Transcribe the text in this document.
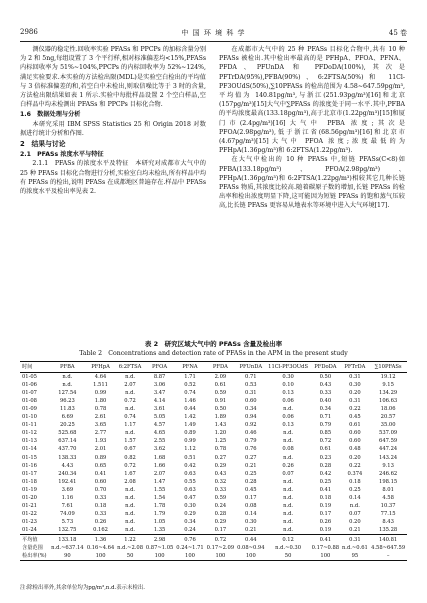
2986	中 国 环 境 科 学	45 卷

测仪器的稳定性.回收率实验 PFASs 和 PPCPs 的加标含量分别为 2 和 5ng,每组设置了 3 个平行样,相对标准偏差均<15%,PFASs 内标回收率为 51%~104%,PPCPs 的内标回收率为 52%~124%,满足实验要求.本实验的方法检出限(MDL)是实验空白检出的平均值与 3 倍标准偏差的和,若空白中未检出,则取信噪比等于 3 时的含量,方法检出限结果如表 1 所示.实验中每批样品设置 2 个空白样品,空白样品中均未检测出 PFASs 和 PPCPs 目标化合物.

1.6　数据处理与分析

本研究采用 IBM SPSS Statistics 25 和 Origin 2018 对数据进行统计分析和作图.

2　结果与讨论

2.1　PFASs 浓度水平与特征

2.1.1　PFASs 的浓度水平及特征　本研究对成都市大气中的 25 种 PFASs 目标化合物进行分析,实验室白均未检出,所有样品中均有 PFASs 的检出,说明 PFASs 在成都地区普遍存在.样品中 PFASs 的浓度水平及检出率见表 2.

在成都市大气中的 25 种 PFASs 目标化合物中,共有 10 种 PFASs 被检出.其中检出率最高的是 PFHpA、PFOA、PFNA、PFDA、PFUnDA 和 PFDoDA(100%),其次是 PFTrDA(95%),PFBA(90%)、6:2FTSA(50%)和 11Cl-PF3OUdS(50%),∑10PFASs 的检出范围为 4.58~647.59pg/m³,平均值为 140.81pg/m³,与浙江(251.93pg/m³)[16]和北京(157pg/m³)[15]大气中∑PFASs 的浓度处于同一水平.其中,PFBA 的平均浓度最高(133.18pg/m³),高于北京市(1.22pg/m³)[15]和厦门市(2.4pg/m³)[16]大气中 PFBA 浓度;其次是 PFOA(2.98pg/m³),低于浙江省(68.56pg/m³)[16]和北京市(4.67pg/m³)[15]大气中 PFOA 浓度;浓度最低的为 PFHpA(1.36pg/m³)和 6:2FTSA(1.22pg/m³).

在大气中检出的 10 种 PFASs 中,短链 PFASs(C<8)如 PFBA(133.18pg/m³)、PFOA(2.98pg/m³)、PFHpA(1.36pg/m³)和 6:2FTSA(1.22pg/m³)相较其它几种长链 PFASs 物质,其浓度比较高.随着碳原子数的增加,长链 PFASs 的检出率和检出浓度明显下降,这可能因为短链 PFASs 的饱和蒸气压较高,比长链 PFASs 更容易从地表水等环境中进入大气环境[17].

表 2　研究区域大气中的 PFASs 含量及检出率
Table 2　Concentrations and detection rate of PFASs in the APM in the present study
时间	PFBA	PFHpA	6:2FTSA	PFOA	PFNA	PFDA	PFUnDA	11Cl-PF3OUdS	PFDoDA	PFTrDA	∑10PFASs
01-05	n.d.	4.64	n.d.	8.87	1.71	2.09	0.71	0.30	0.50	0.31	19.12
01-06	n.d.	1.511	2.07	3.06	0.52	0.61	0.53	0.10	0.43	0.30	9.15
01-07	127.54	0.99	n.d.	3.47	0.74	0.59	0.31	0.13	0.33	0.20	134.29
01-08	96.23	1.80	0.72	4.14	1.46	0.91	0.60	0.06	0.40	0.31	106.63
01-09	11.83	0.78	n.d.	3.61	0.44	0.50	0.34	n.d.	0.34	0.22	18.06
01-10	6.69	2.61	0.74	5.05	1.42	1.89	0.94	0.06	0.71	0.45	20.57
01-11	20.25	3.65	1.17	4.57	1.49	1.43	0.92	0.13	0.79	0.61	35.00
01-12	525.68	2.77	n.d.	4.65	0.89	1.20	0.46	n.d.	0.85	0.60	537.09
01-13	637.14	1.93	1.57	2.55	0.99	1.25	0.79	n.d.	0.72	0.60	647.59
01-14	437.70	2.01	0.67	3.62	1.12	0.78	0.76	0.08	0.61	0.48	447.24
01-15	138.33	0.89	0.82	1.68	0.51	0.27	0.27	n.d.	0.23	0.20	143.24
01-16	4.43	0.65	0.72	1.66	0.42	0.29	0.21	0.26	0.28	0.22	9.13
01-17	240.34	0.41	1.67	2.07	0.63	0.43	0.25	0.07	0.42	0.374	246.62
01-18	192.41	0.60	2.08	1.47	0.55	0.32	0.28	n.d.	0.25	0.18	198.15
01-19	3.69	0.70	n.d.	1.55	0.63	0.33	0.45	n.d.	0.41	0.25	8.01
01-20	1.16	0.33	n.d.	1.54	0.47	0.59	0.17	n.d.	0.18	0.14	4.58
01-21	7.61	0.18	n.d.	1.78	0.30	0.24	0.08	n.d.	0.19	n.d.	10.37
01-22	74.09	0.33	n.d.	1.79	0.29	0.28	0.14	n.d.	0.17	0.07	77.15
01-23	5.73	0.26	n.d.	1.05	0.34	0.29	0.30	n.d.	0.26	0.20	8.43
01-24	132.75	0.162	n.d.	1.35	0.24	0.17	0.21	n.d.	0.19	0.21	135.28
平均值	133.18	1.36	1.22	2.98	0.76	0.72	0.44	0.12	0.41	0.31	140.81
含量范围	n.d.~637.14	0.16~4.64	n.d.~2.08	0.87~1.05	0.24~1.71	0.17~2.09	0.08~0.94	n.d.~0.30	0.17~0.88	n.d.~0.61	4.58~647.59
检出率(%)	90	100	50	100	100	100	100	50	100	95	–
注:除检出率外,其余单位均为pg/m³,n.d.表示未检出.
